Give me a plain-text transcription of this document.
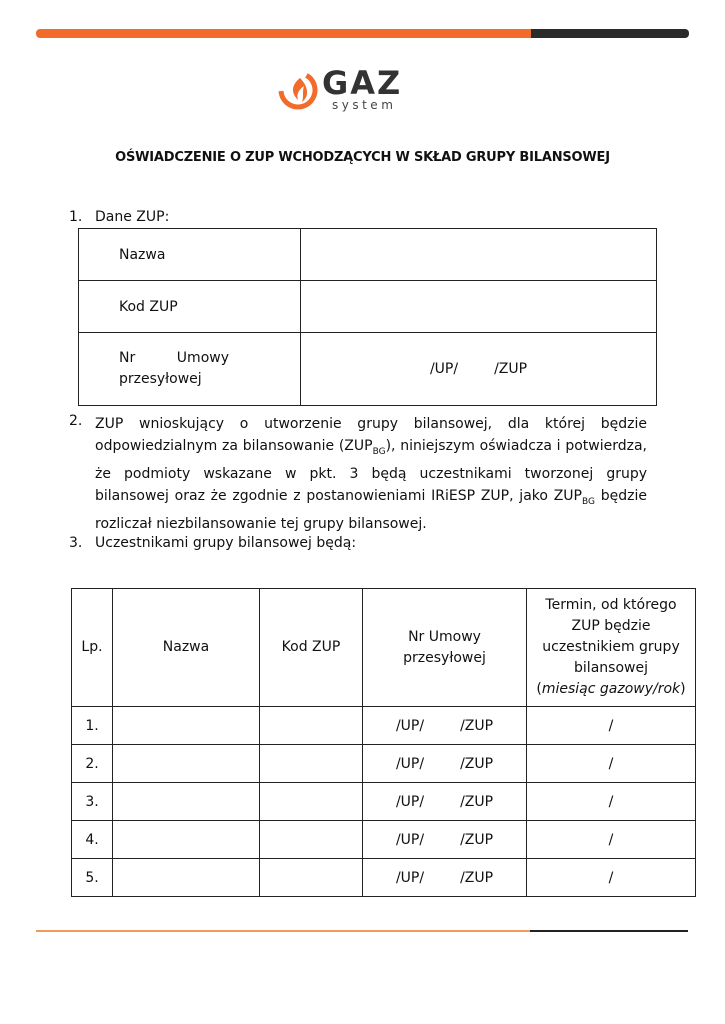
GAZ
system
OŚWIADCZENIE O ZUP WCHODZĄCYCH W SKŁAD GRUPY BILANSOWEJ
1. Dane ZUP:
Nazwa	
Kod ZUP	

Nr Umowy przesyłowej	/UP/ /ZUP
2. ZUP wnioskujący o utworzenie grupy bilansowej, dla której będzie odpowiedzialnym za bilansowanie $(ZUP_{BG})$, niniejszym oświadcza i potwierdza, że podmioty wskazane w pkt. 3 będą uczestnikami tworzonej grupy bilansowej oraz że zgodnie z postanowieniami IRiESP ZUP, jako $ZUP_{BG}$ będzie rozliczał niezbilansowanie tej grupy bilansowej.
3. Uczestnikami grupy bilansowej będą:
Lp.	Nazwa	Kod ZUP	Nr Umowy przesyłowej	Termin, od którego ZUP będzie uczestnikiem grupy bilansowej
(miesiąc gazowy/rok)
1.			/UP/ /ZUP	/
2.			/UP/ /ZUP	/
3.			/UP/ /ZUP	/
4.			/UP/ /ZUP	/
5.			/UP/ /ZUP	/
